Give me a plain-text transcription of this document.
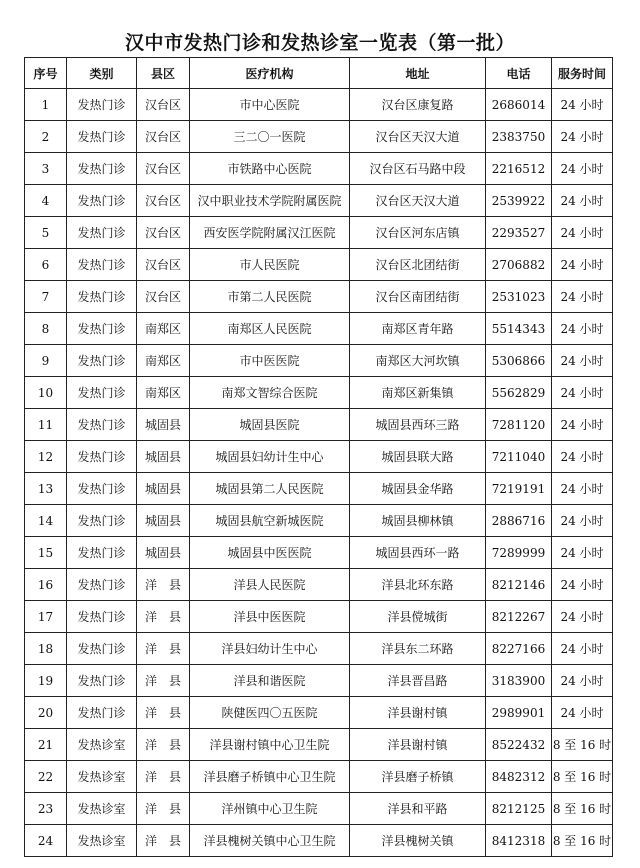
汉中市发热门诊和发热诊室一览表（第一批）
序号	类别	县区	医疗机构	地址	电话	服务时间
1	发热门诊	汉台区	市中心医院	汉台区康复路	2686014	24 小时
2	发热门诊	汉台区	三二〇一医院	汉台区天汉大道	2383750	24 小时
3	发热门诊	汉台区	市铁路中心医院	汉台区石马路中段	2216512	24 小时
4	发热门诊	汉台区	汉中职业技术学院附属医院	汉台区天汉大道	2539922	24 小时
5	发热门诊	汉台区	西安医学院附属汉江医院	汉台区河东店镇	2293527	24 小时
6	发热门诊	汉台区	市人民医院	汉台区北团结街	2706882	24 小时
7	发热门诊	汉台区	市第二人民医院	汉台区南团结街	2531023	24 小时
8	发热门诊	南郑区	南郑区人民医院	南郑区青年路	5514343	24 小时
9	发热门诊	南郑区	市中医医院	南郑区大河坎镇	5306866	24 小时
10	发热门诊	南郑区	南郑文智综合医院	南郑区新集镇	5562829	24 小时
11	发热门诊	城固县	城固县医院	城固县西环三路	7281120	24 小时
12	发热门诊	城固县	城固县妇幼计生中心	城固县联大路	7211040	24 小时
13	发热门诊	城固县	城固县第二人民医院	城固县金华路	7219191	24 小时
14	发热门诊	城固县	城固县航空新城医院	城固县柳林镇	2886716	24 小时
15	发热门诊	城固县	城固县中医医院	城固县西环一路	7289999	24 小时
16	发热门诊	洋　县	洋县人民医院	洋县北环东路	8212146	24 小时
17	发热门诊	洋　县	洋县中医医院	洋县傥城街	8212267	24 小时
18	发热门诊	洋　县	洋县妇幼计生中心	洋县东二环路	8227166	24 小时
19	发热门诊	洋　县	洋县和谐医院	洋县晋昌路	3183900	24 小时
20	发热门诊	洋　县	陕健医四〇五医院	洋县谢村镇	2989901	24 小时
21	发热诊室	洋　县	洋县谢村镇中心卫生院	洋县谢村镇	8522432	8 至 16 时
22	发热诊室	洋　县	洋县磨子桥镇中心卫生院	洋县磨子桥镇	8482312	8 至 16 时
23	发热诊室	洋　县	洋州镇中心卫生院	洋县和平路	8212125	8 至 16 时
24	发热诊室	洋　县	洋县槐树关镇中心卫生院	洋县槐树关镇	8412318	8 至 16 时
